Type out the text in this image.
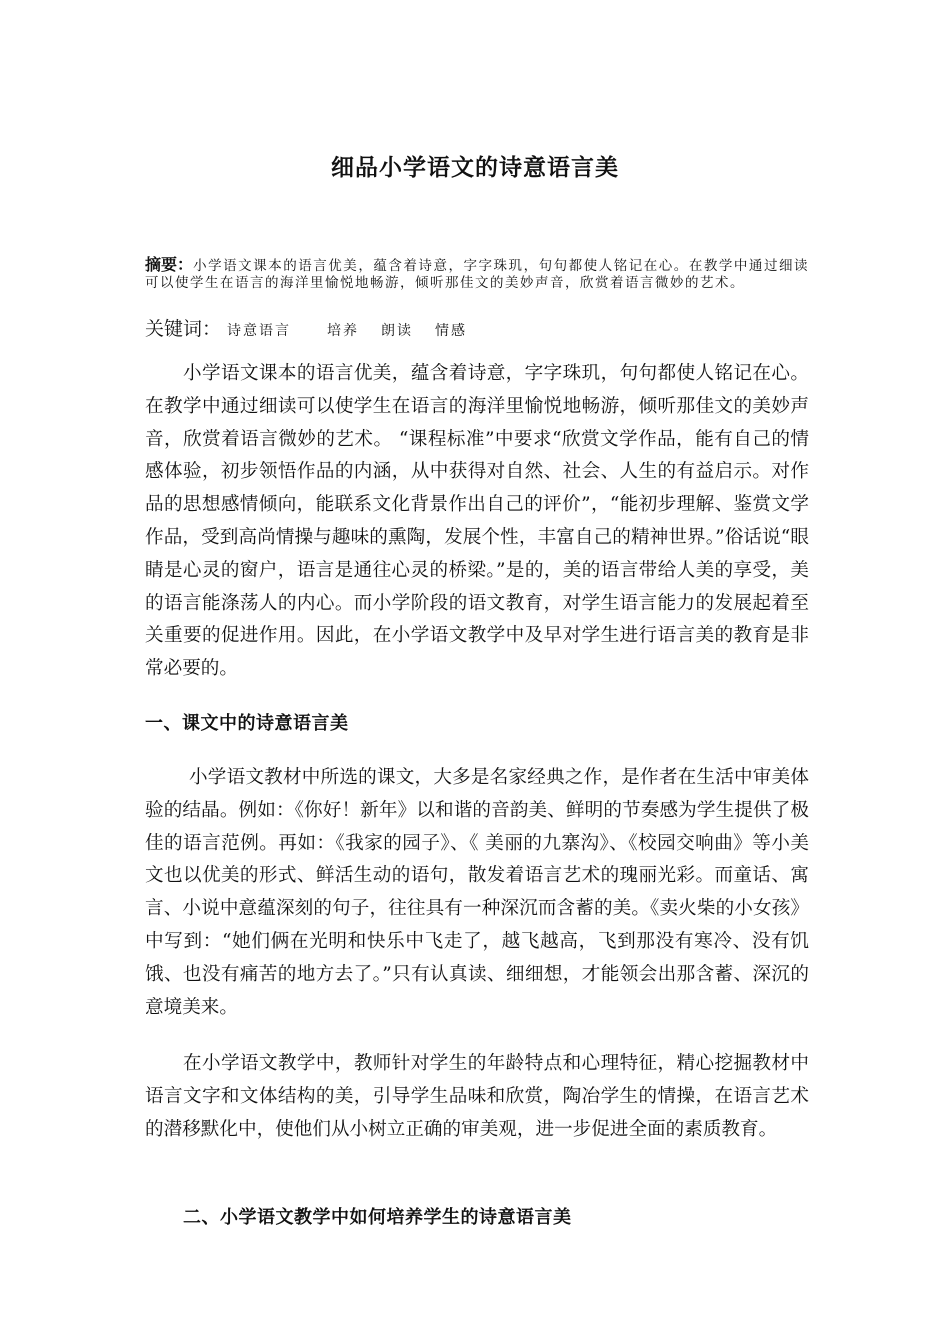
细品小学语文的诗意语言美
摘要：小学语文课本的语言优美，蕴含着诗意，字字珠玑，句句都使人铭记在心。在教学中通过细读可以使学生在语言的海洋里愉悦地畅游，倾听那佳文的美妙声音，欣赏着语言微妙的艺术。
关键词： 诗意语言	培养 朗读 情感

小学语文课本的语言优美，蕴含着诗意，字字珠玑，句句都使人铭记在心。在教学中通过细读可以使学生在语言的海洋里愉悦地畅游，倾听那佳文的美妙声音，欣赏着语言微妙的艺术。 “课程标准”中要求“欣赏文学作品，能有自己的情感体验，初步领悟作品的内涵，从中获得对自然、社会、人生的有益启示。对作品的思想感情倾向，能联系文化背景作出自己的评价”，“能初步理解、鉴赏文学作品，受到高尚情操与趣味的熏陶，发展个性，丰富自己的精神世界。”俗话说“眼睛是心灵的窗户，语言是通往心灵的桥梁。”是的，美的语言带给人美的享受，美的语言能涤荡人的内心。而小学阶段的语文教育，对学生语言能力的发展起着至关重要的促进作用。因此，在小学语文教学中及早对学生进行语言美的教育是非常必要的。

一、课文中的诗意语言美

小学语文教材中所选的课文，大多是名家经典之作，是作者在生活中审美体验的结晶。例如：《你好！新年》以和谐的音韵美、鲜明的节奏感为学生提供了极佳的语言范例。再如：《我家的园子》、《 美丽的九寨沟》、《校园交响曲》等小美文也以优美的形式、鲜活生动的语句，散发着语言艺术的瑰丽光彩。而童话、寓言、小说中意蕴深刻的句子，往往具有一种深沉而含蓄的美。《卖火柴的小女孩》中写到：“她们俩在光明和快乐中飞走了，越飞越高，飞到那没有寒冷、没有饥饿、也没有痛苦的地方去了。”只有认真读、细细想，才能领会出那含蓄、深沉的意境美来。

在小学语文教学中，教师针对学生的年龄特点和心理特征，精心挖掘教材中语言文字和文体结构的美，引导学生品味和欣赏，陶冶学生的情操，在语言艺术的潜移默化中，使他们从小树立正确的审美观，进一步促进全面的素质教育。

二、小学语文教学中如何培养学生的诗意语言美
